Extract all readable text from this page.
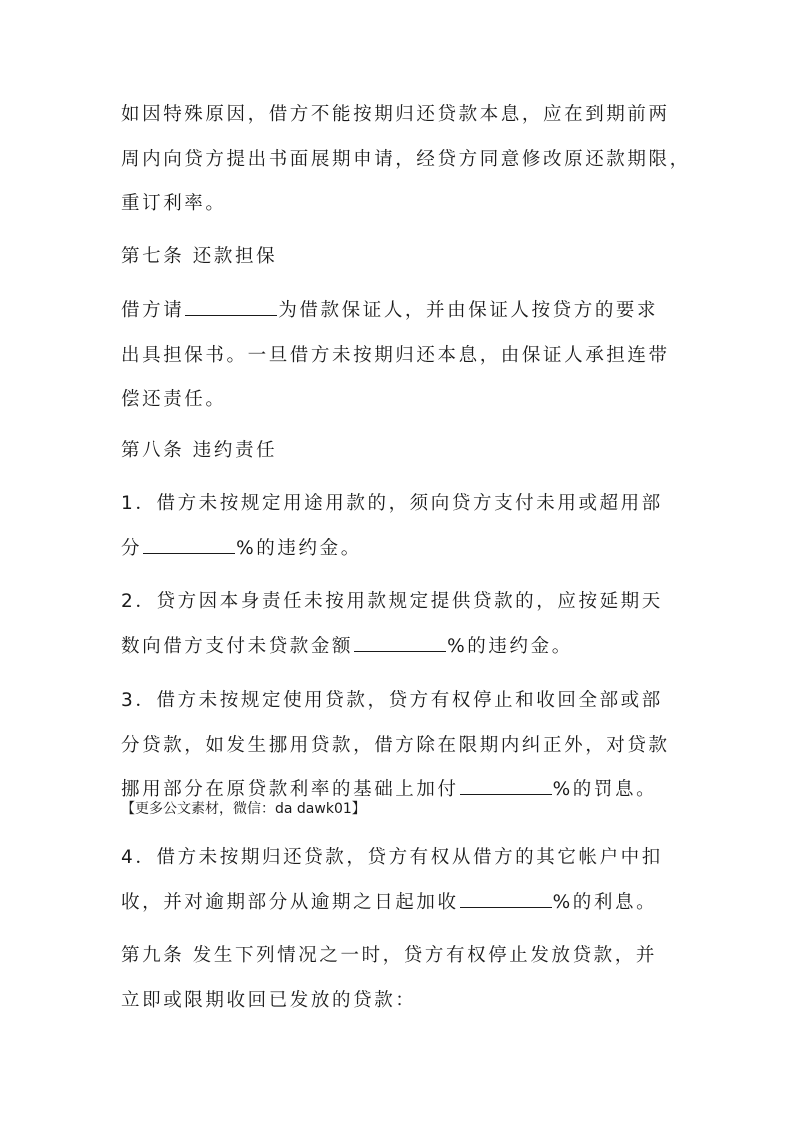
如因特殊原因，借方不能按期归还贷款本息，应在到期前两
周内向贷方提出书面展期申请，经贷方同意修改原还款期限，
重订利率。

第七条 还款担保

借方请	为借款保证人，并由保证人按贷方的要求
出具担保书。一旦借方未按期归还本息，由保证人承担连带
偿还责任。

第八条 违约责任

1．借方未按规定用途用款的，须向贷方支付未用或超用部
分	%的违约金。

2．贷方因本身责任未按用款规定提供贷款的，应按延期天
数向借方支付未贷款金额	%的违约金。

3．借方未按规定使用贷款，贷方有权停止和收回全部或部
分贷款，如发生挪用贷款，借方除在限期内纠正外，对贷款
挪用部分在原贷款利率的基础上加付	%的罚息。

【更多公文素材，微信：da dawk01】

4．借方未按期归还贷款，贷方有权从借方的其它帐户中扣
收，并对逾期部分从逾期之日起加收	%的利息。

第九条 发生下列情况之一时，贷方有权停止发放贷款，并
立即或限期收回已发放的贷款：
